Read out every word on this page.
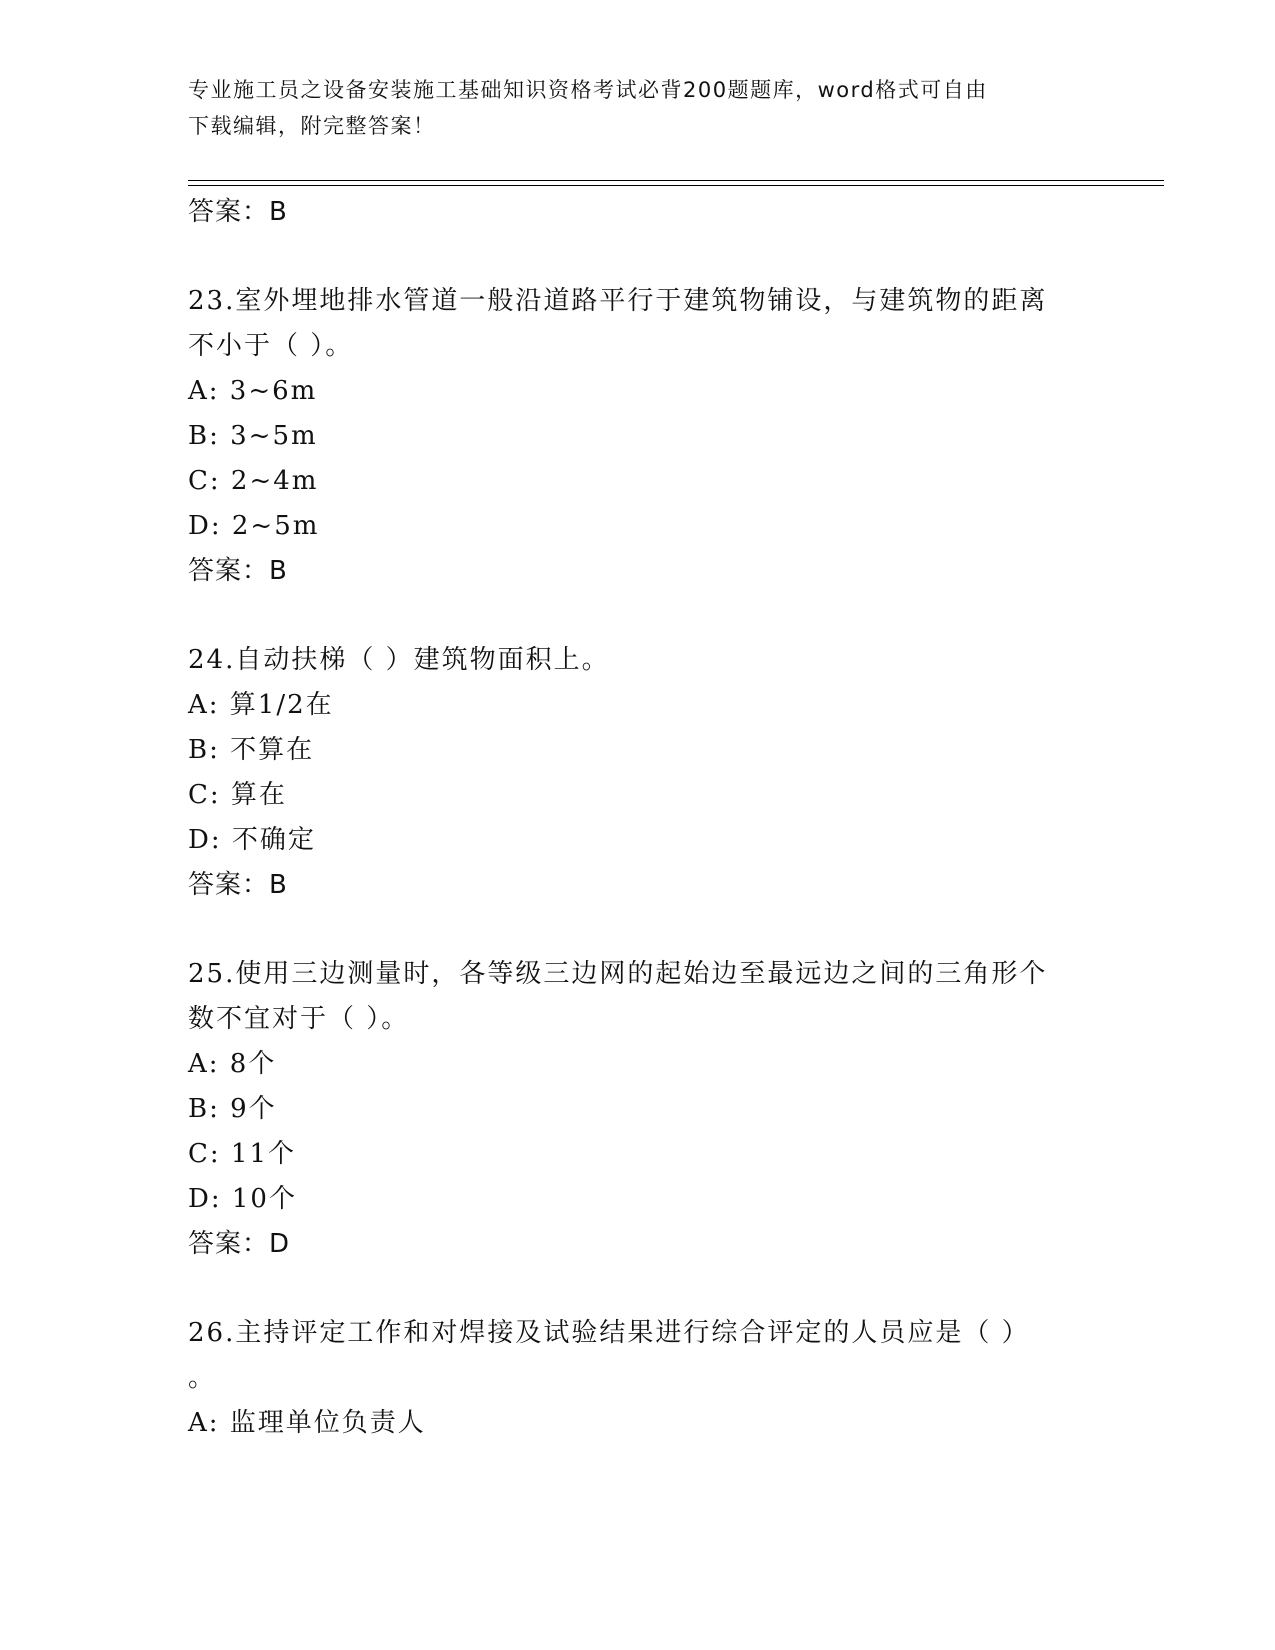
专业施工员之设备安装施工基础知识资格考试必背200题题库，word格式可自由
下载编辑，附完整答案！
答案：B
23.室外埋地排水管道一般沿道路平行于建筑物铺设，与建筑物的距离
不小于（ ）。
A: 3~6m
B: 3~5m
C: 2~4m
D: 2~5m
答案：B
24.自动扶梯（ ）建筑物面积上。
A: 算1/2在
B: 不算在
C: 算在
D: 不确定
答案：B
25.使用三边测量时，各等级三边网的起始边至最远边之间的三角形个
数不宜对于（ ）。
A: 8个
B: 9个
C: 11个
D: 10个
答案：D
26.主持评定工作和对焊接及试验结果进行综合评定的人员应是（ ）
。
A: 监理单位负责人
